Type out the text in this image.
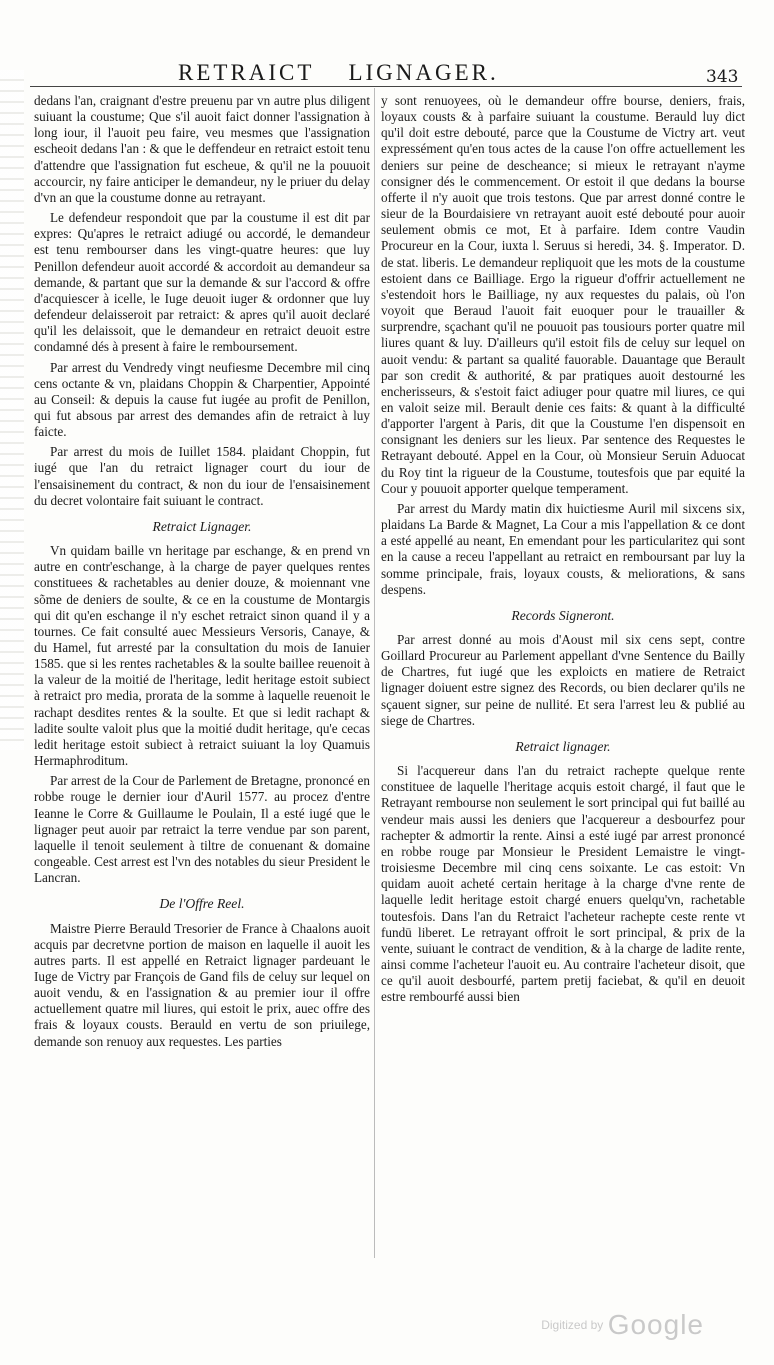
RETRAICT LIGNAGER.	343

dedans l'an, craignant d'estre preuenu par vn autre plus diligent suiuant la coustume; Que s'il auoit faict donner l'assignation à long iour, il l'auoit peu faire, veu mesmes que l'assignation escheoit dedans l'an : & que le deffendeur en retraict estoit tenu d'attendre que l'assignation fut escheue, & qu'il ne la pouuoit accourcir, ny faire anticiper le demandeur, ny le priuer du delay d'vn an que la coustume donne au retrayant.

Le defendeur respondoit que par la coustume il est dit par expres: Qu'apres le retraict adiugé ou accordé, le demandeur est tenu rembourser dans les vingt-quatre heures: que luy Penillon defendeur auoit accordé & accordoit au demandeur sa demande, & partant que sur la demande & sur l'accord & offre d'acquiescer à icelle, le Iuge deuoit iuger & ordonner que luy defendeur delaisseroit par retraict: & apres qu'il auoit declaré qu'il les delaissoit, que le demandeur en retraict deuoit estre condamné dés à present à faire le remboursement.

Par arrest du Vendredy vingt neufiesme Decembre mil cinq cens octante & vn, plaidans Choppin & Charpentier, Appointé au Conseil: & depuis la cause fut iugée au profit de Penillon, qui fut absous par arrest des demandes afin de retraict à luy faicte.

Par arrest du mois de Iuillet 1584. plaidant Choppin, fut iugé que l'an du retraict lignager court du iour de l'ensaisinement du contract, & non du iour de l'ensaisinement du decret volontaire fait suiuant le contract.

Retraict Lignager.

Vn quidam baille vn heritage par eschange, & en prend vn autre en contr'eschange, à la charge de payer quelques rentes constituees & rachetables au denier douze, & moiennant vne sõme de deniers de soulte, & ce en la coustume de Montargis qui dit qu'en eschange il n'y eschet retraict sinon quand il y a tournes. Ce fait consulté auec Messieurs Versoris, Canaye, & du Hamel, fut arresté par la consultation du mois de Ianuier 1585. que si les rentes rachetables & la soulte baillee reuenoit à la valeur de la moitié de l'heritage, ledit heritage estoit subiect à retraict pro media, prorata de la somme à laquelle reuenoit le rachapt desdites rentes & la soulte. Et que si ledit rachapt & ladite soulte valoit plus que la moitié dudit heritage, qu'e cecas ledit heritage estoit subiect à retraict suiuant la loy Quamuis Hermaphroditum.

Par arrest de la Cour de Parlement de Bretagne, prononcé en robbe rouge le dernier iour d'Auril 1577. au procez d'entre Ieanne le Corre & Guillaume le Poulain, Il a esté iugé que le lignager peut auoir par retraict la terre vendue par son parent, laquelle il tenoit seulement à tiltre de conuenant & domaine congeable. Cest arrest est l'vn des notables du sieur President le Lancran.

De l'Offre Reel.

Maistre Pierre Berauld Tresorier de France à Chaalons auoit acquis par decretvne portion de maison en laquelle il auoit les autres parts. Il est appellé en Retraict lignager pardeuant le Iuge de Victry par François de Gand fils de celuy sur lequel on auoit vendu, & en l'assignation & au premier iour il offre actuellement quatre mil liures, qui estoit le prix, auec offre des frais & loyaux cousts. Berauld en vertu de son priuilege, demande son renuoy aux requestes. Les parties

y sont renuoyees, où le demandeur offre bourse, deniers, frais, loyaux cousts & à parfaire suiuant la coustume. Berauld luy dict qu'il doit estre debouté, parce que la Coustume de Victry art. veut expressément qu'en tous actes de la cause l'on offre actuellement les deniers sur peine de descheance; si mieux le retrayant n'ayme consigner dés le commencement. Or estoit il que dedans la bourse offerte il n'y auoit que trois testons. Que par arrest donné contre le sieur de la Bourdaisiere vn retrayant auoit esté debouté pour auoir seulement obmis ce mot, Et à parfaire. Idem contre Vaudin Procureur en la Cour, iuxta l. Seruus si heredi, 34. §. Imperator. D. de stat. liberis. Le demandeur repliquoit que les mots de la coustume estoient dans ce Bailliage. Ergo la rigueur d'offrir actuellement ne s'estendoit hors le Bailliage, ny aux requestes du palais, où l'on voyoit que Beraud l'auoit fait euoquer pour le trauailler & surprendre, sçachant qu'il ne pouuoit pas tousiours porter quatre mil liures quant & luy. D'ailleurs qu'il estoit fils de celuy sur lequel on auoit vendu: & partant sa qualité fauorable. Dauantage que Berault par son credit & authorité, & par pratiques auoit destourné les encherisseurs, & s'estoit faict adiuger pour quatre mil liures, ce qui en valoit seize mil. Berault denie ces faits: & quant à la difficulté d'apporter l'argent à Paris, dit que la Coustume l'en dispensoit en consignant les deniers sur les lieux. Par sentence des Requestes le Retrayant debouté. Appel en la Cour, où Monsieur Seruin Aduocat du Roy tint la rigueur de la Coustume, toutesfois que par equité la Cour y pouuoit apporter quelque temperament.

Par arrest du Mardy matin dix huictiesme Auril mil sixcens six, plaidans La Barde & Magnet, La Cour a mis l'appellation & ce dont a esté appellé au neant, En emendant pour les particularitez qui sont en la cause a receu l'appellant au retraict en remboursant par luy la somme principale, frais, loyaux cousts, & meliorations, & sans despens.

Records Signeront.

Par arrest donné au mois d'Aoust mil six cens sept, contre Goillard Procureur au Parlement appellant d'vne Sentence du Bailly de Chartres, fut iugé que les exploicts en matiere de Retraict lignager doiuent estre signez des Records, ou bien declarer qu'ils ne sçauent signer, sur peine de nullité. Et sera l'arrest leu & publié au siege de Chartres.

Retraict lignager.

Si l'acquereur dans l'an du retraict rachepte quelque rente constituee de laquelle l'heritage acquis estoit chargé, il faut que le Retrayant rembourse non seulement le sort principal qui fut baillé au vendeur mais aussi les deniers que l'acquereur a desbourfez pour rachepter & admortir la rente. Ainsi a esté iugé par arrest prononcé en robbe rouge par Monsieur le President Lemaistre le vingt-troisiesme Decembre mil cinq cens soixante. Le cas estoit: Vn quidam auoit acheté certain heritage à la charge d'vne rente de laquelle ledit heritage estoit chargé enuers quelqu'vn, rachetable toutesfois. Dans l'an du Retraict l'acheteur rachepte ceste rente vt fundū liberet. Le retrayant offroit le sort principal, & prix de la vente, suiuant le contract de vendition, & à la charge de ladite rente, ainsi comme l'acheteur l'auoit eu. Au contraire l'acheteur disoit, que ce qu'il auoit desbourfé, partem pretij faciebat, & qu'il en deuoit estre rembourfé aussi bien

Digitized by Google
